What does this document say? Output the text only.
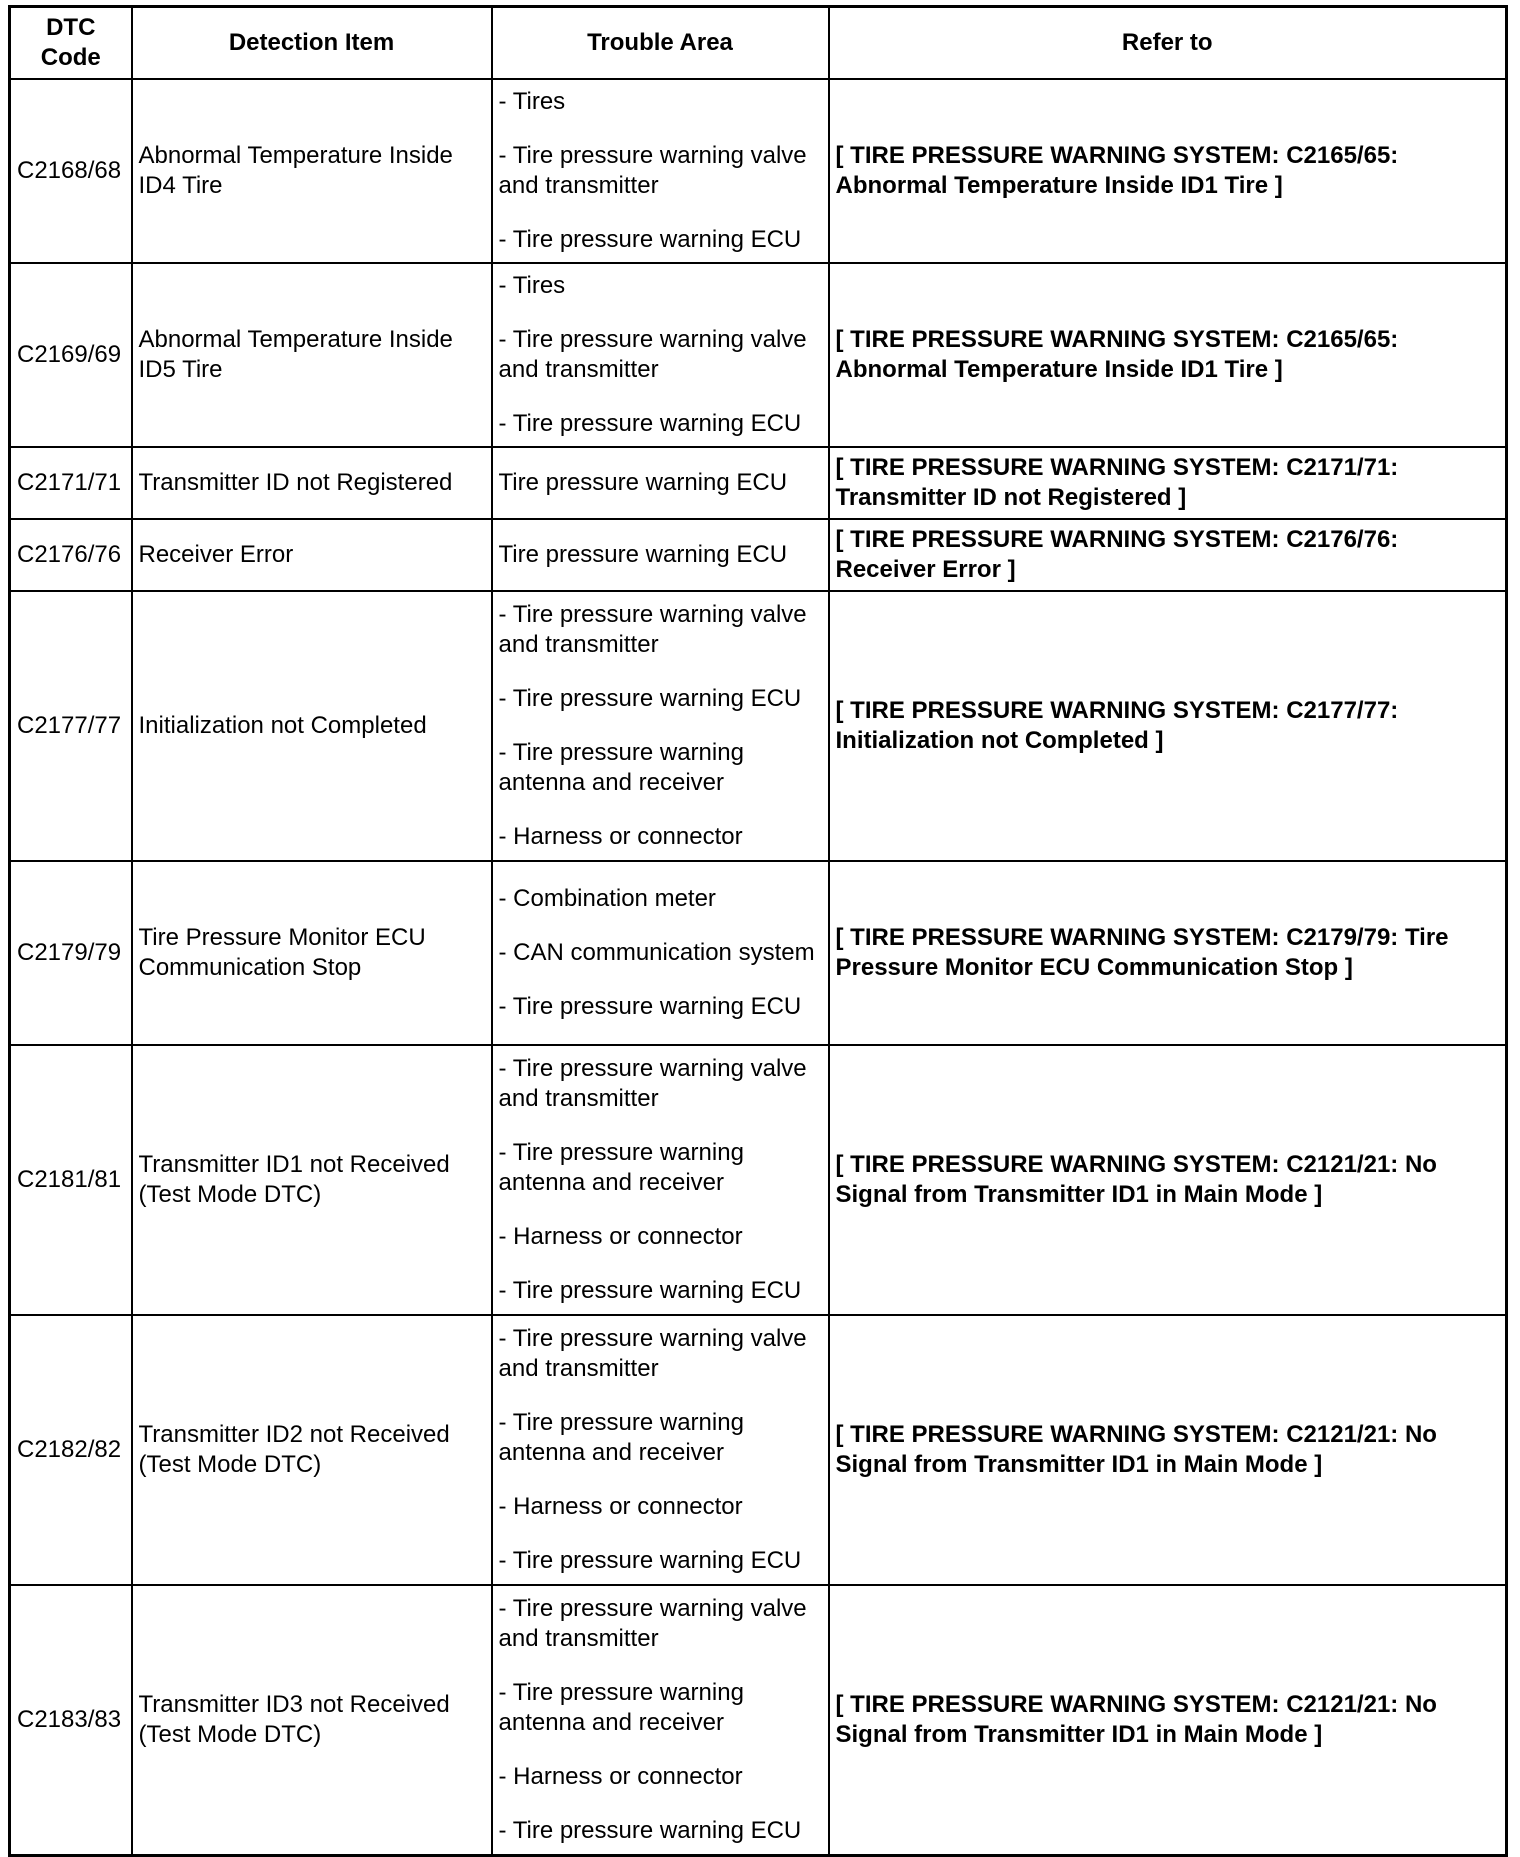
DTC
Code	Detection Item	Trouble Area	Refer to
C2168/68	Abnormal Temperature Inside ID4 Tire	- Tires
- Tire pressure warning valve and transmitter
- Tire pressure warning ECU	[ TIRE PRESSURE WARNING SYSTEM: C2165/65: Abnormal Temperature Inside ID1 Tire ]
C2169/69	Abnormal Temperature Inside ID5 Tire	- Tires
- Tire pressure warning valve and transmitter
- Tire pressure warning ECU	[ TIRE PRESSURE WARNING SYSTEM: C2165/65: Abnormal Temperature Inside ID1 Tire ]
C2171/71	Transmitter ID not Registered	Tire pressure warning ECU	[ TIRE PRESSURE WARNING SYSTEM: C2171/71: Transmitter ID not Registered ]
C2176/76	Receiver Error	Tire pressure warning ECU	[ TIRE PRESSURE WARNING SYSTEM: C2176/76: Receiver Error ]
C2177/77	Initialization not Completed	- Tire pressure warning valve and transmitter
- Tire pressure warning ECU
- Tire pressure warning antenna and receiver
- Harness or connector	[ TIRE PRESSURE WARNING SYSTEM: C2177/77: Initialization not Completed ]
C2179/79	Tire Pressure Monitor ECU Communication Stop	- Combination meter
- CAN communication system
- Tire pressure warning ECU	[ TIRE PRESSURE WARNING SYSTEM: C2179/79: Tire Pressure Monitor ECU Communication Stop ]
C2181/81	Transmitter ID1 not Received (Test Mode DTC)	- Tire pressure warning valve and transmitter
- Tire pressure warning antenna and receiver
- Harness or connector
- Tire pressure warning ECU	[ TIRE PRESSURE WARNING SYSTEM: C2121/21: No Signal from Transmitter ID1 in Main Mode ]
C2182/82	Transmitter ID2 not Received (Test Mode DTC)	- Tire pressure warning valve and transmitter
- Tire pressure warning antenna and receiver
- Harness or connector
- Tire pressure warning ECU	[ TIRE PRESSURE WARNING SYSTEM: C2121/21: No Signal from Transmitter ID1 in Main Mode ]
C2183/83	Transmitter ID3 not Received (Test Mode DTC)	- Tire pressure warning valve and transmitter
- Tire pressure warning antenna and receiver
- Harness or connector
- Tire pressure warning ECU	[ TIRE PRESSURE WARNING SYSTEM: C2121/21: No Signal from Transmitter ID1 in Main Mode ]
